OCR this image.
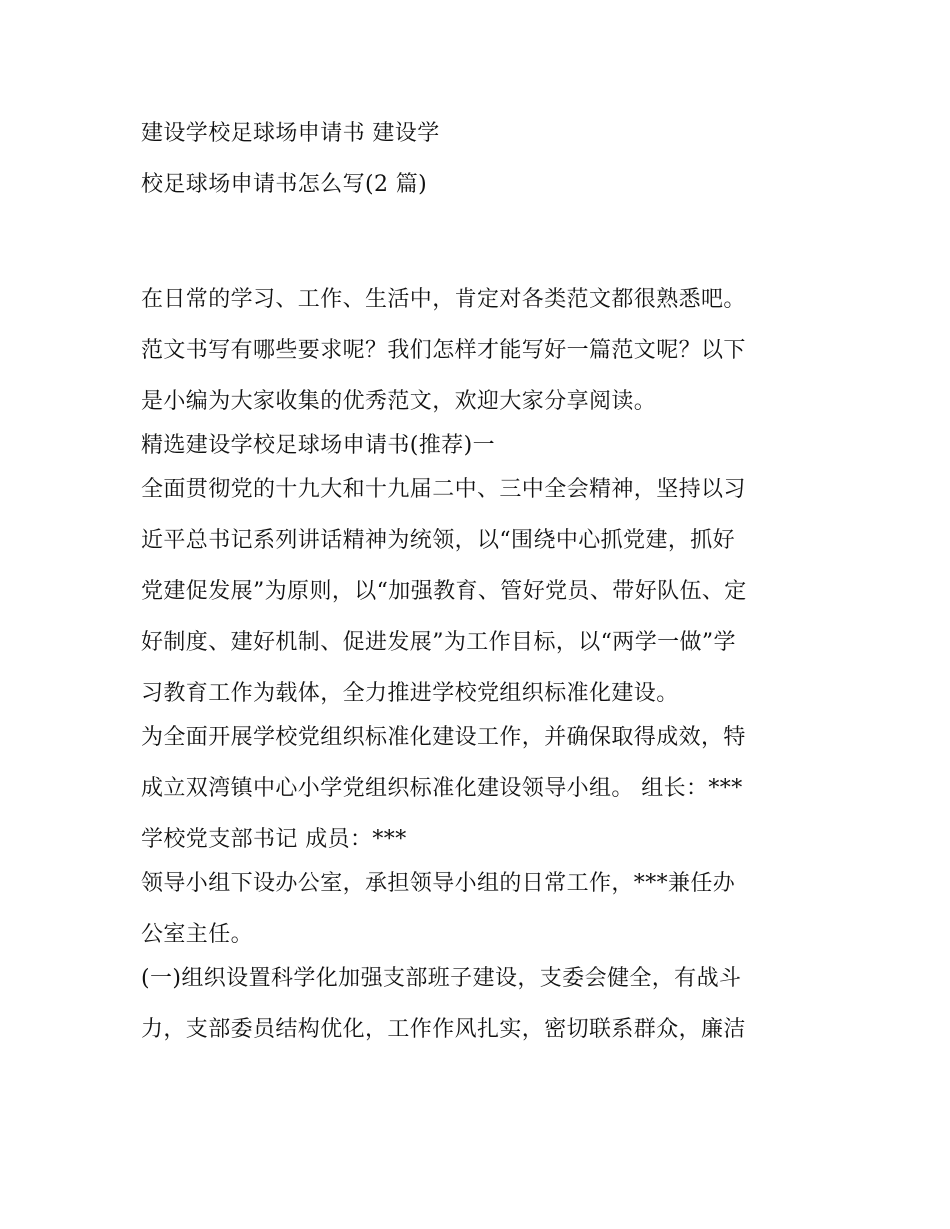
建设学校足球场申请书 建设学
校足球场申请书怎么写(2 篇)
在日常的学习、工作、生活中，肯定对各类范文都很熟悉吧。
范文书写有哪些要求呢？我们怎样才能写好一篇范文呢？以下
是小编为大家收集的优秀范文，欢迎大家分享阅读。
精选建设学校足球场申请书(推荐)一
全面贯彻党的十九大和十九届二中、三中全会精神，坚持以习
近平总书记系列讲话精神为统领，以“围绕中心抓党建，抓好
党建促发展”为原则，以“加强教育、管好党员、带好队伍、定
好制度、建好机制、促进发展”为工作目标，以“两学一做”学
习教育工作为载体，全力推进学校党组织标准化建设。
为全面开展学校党组织标准化建设工作，并确保取得成效，特
成立双湾镇中心小学党组织标准化建设领导小组。 组长：***
学校党支部书记 成员：***
领导小组下设办公室，承担领导小组的日常工作，***兼任办
公室主任。
(一)组织设置科学化加强支部班子建设，支委会健全，有战斗
力，支部委员结构优化，工作作风扎实，密切联系群众，廉洁
